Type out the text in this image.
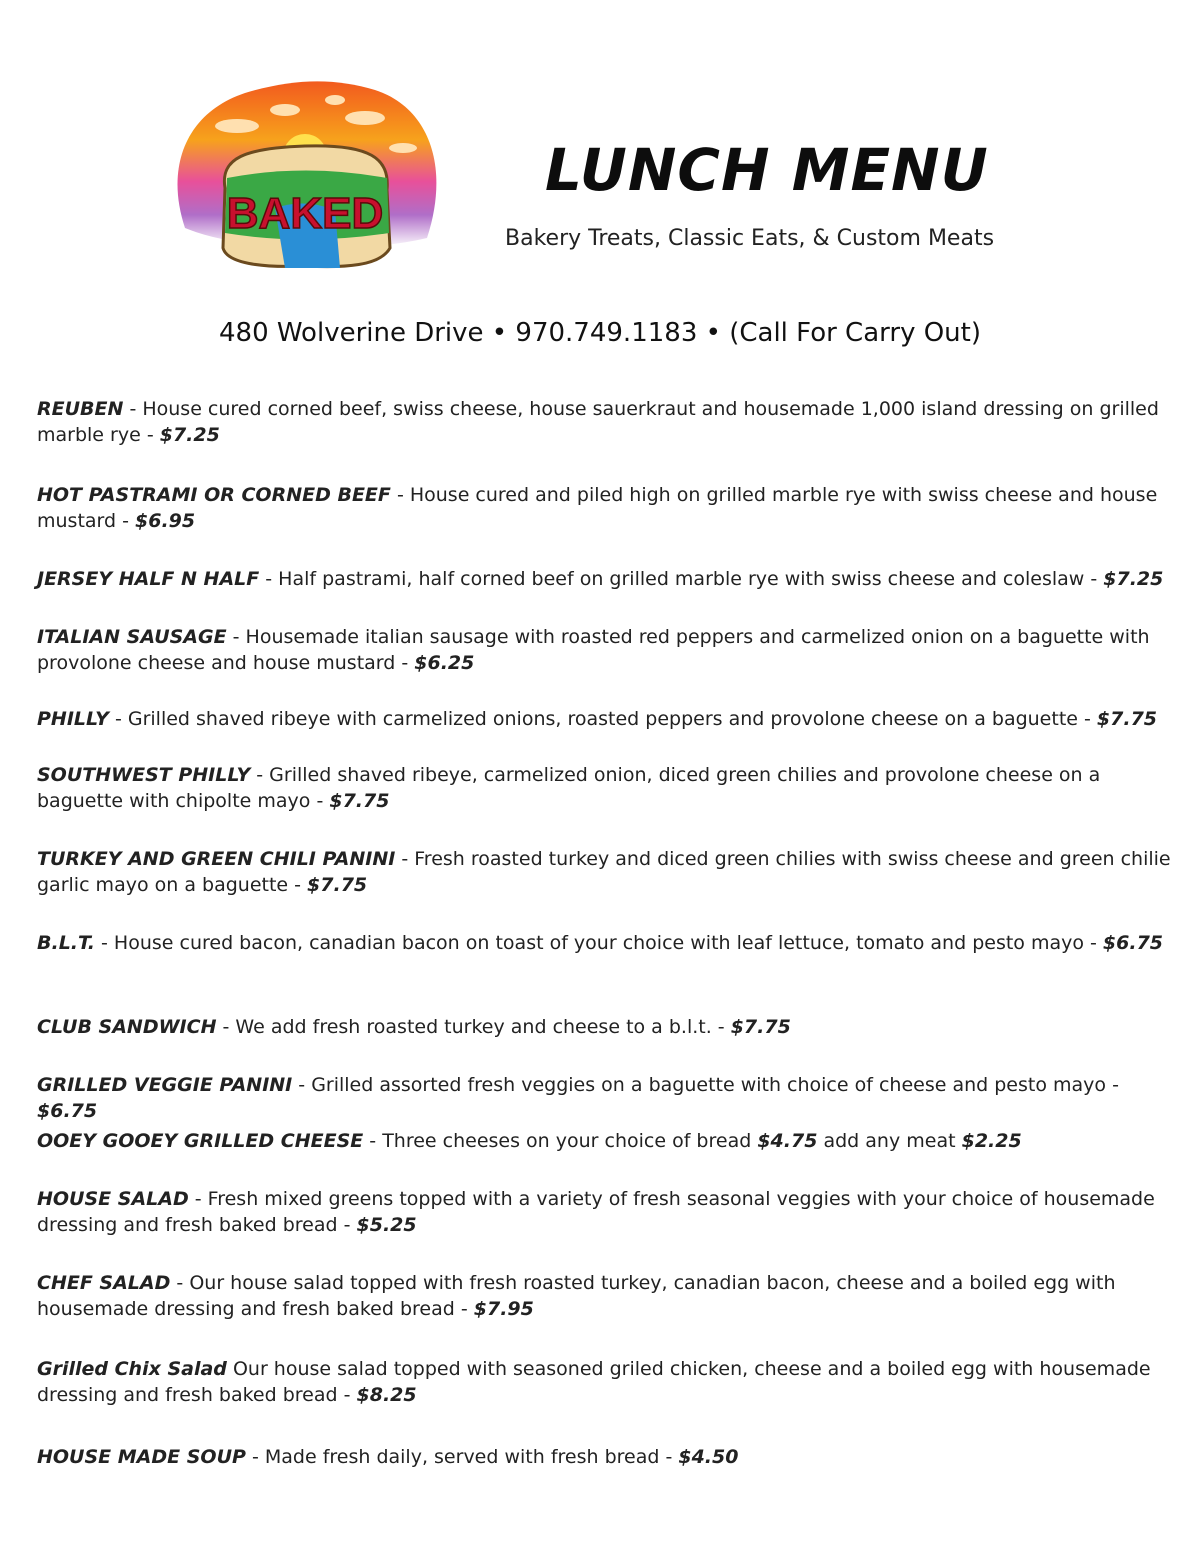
BAKED
LUNCH MENU
Bakery Treats, Classic Eats, & Custom Meats
480 Wolverine Drive • 970.749.1183 • (Call For Carry Out)

REUBEN - House cured corned beef, swiss cheese, house sauerkraut and housemade 1,000 island dressing on grilled marble rye - $7.25

HOT PASTRAMI OR CORNED BEEF - House cured and piled high on grilled marble rye with swiss cheese and house mustard - $6.95

JERSEY HALF N HALF - Half pastrami, half corned beef on grilled marble rye with swiss cheese and coleslaw - $7.25

ITALIAN SAUSAGE - Housemade italian sausage with roasted red peppers and carmelized onion on a baguette with provolone cheese and house mustard - $6.25

PHILLY - Grilled shaved ribeye with carmelized onions, roasted peppers and provolone cheese on a baguette - $7.75

SOUTHWEST PHILLY - Grilled shaved ribeye, carmelized onion, diced green chilies and provolone cheese on a baguette with chipolte mayo - $7.75

TURKEY AND GREEN CHILI PANINI - Fresh roasted turkey and diced green chilies with swiss cheese and green chilie garlic mayo on a baguette - $7.75

B.L.T. - House cured bacon, canadian bacon on toast of your choice with leaf lettuce, tomato and pesto mayo - $6.75

CLUB SANDWICH - We add fresh roasted turkey and cheese to a b.l.t. - $7.75

GRILLED VEGGIE PANINI - Grilled assorted fresh veggies on a baguette with choice of cheese and pesto mayo - $6.75

OOEY GOOEY GRILLED CHEESE - Three cheeses on your choice of bread $4.75 add any meat $2.25

HOUSE SALAD - Fresh mixed greens topped with a variety of fresh seasonal veggies with your choice of housemade dressing and fresh baked bread - $5.25

CHEF SALAD - Our house salad topped with fresh roasted turkey, canadian bacon, cheese and a boiled egg with housemade dressing and fresh baked bread - $7.95

Grilled Chix Salad Our house salad topped with seasoned griled chicken, cheese and a boiled egg with housemade dressing and fresh baked bread - $8.25

HOUSE MADE SOUP - Made fresh daily, served with fresh bread - $4.50
